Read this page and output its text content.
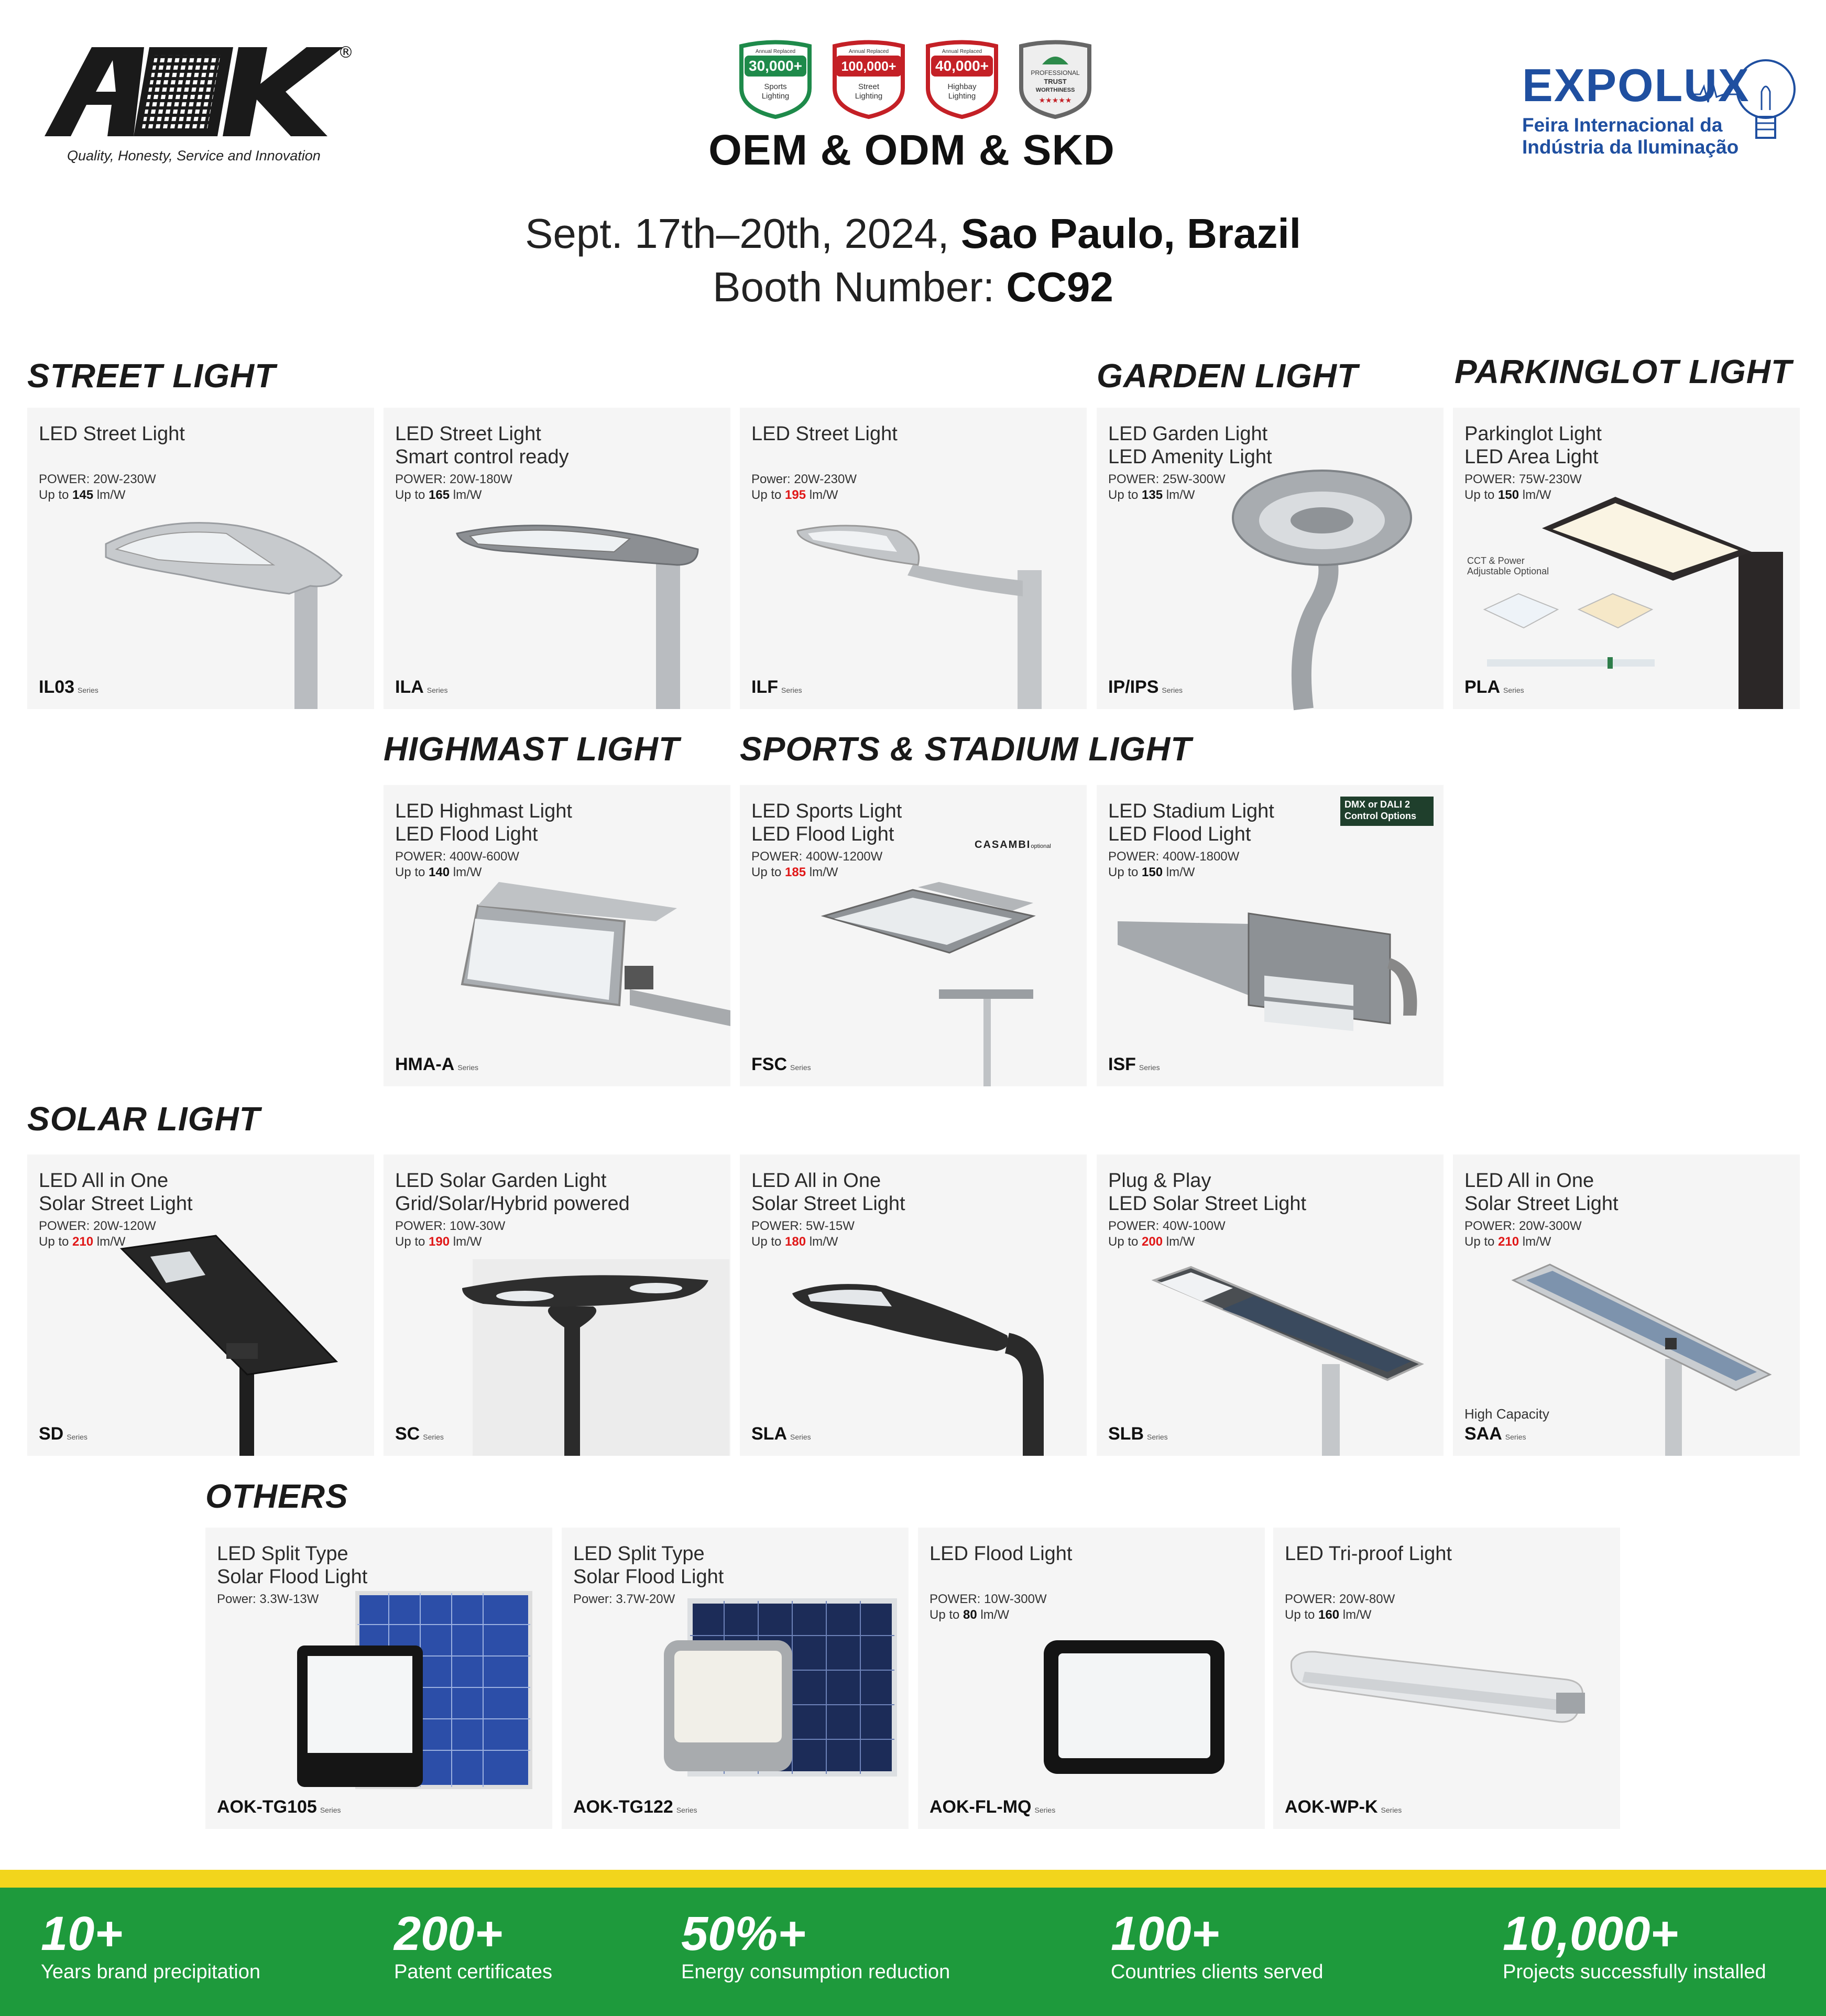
®
Quality, Honesty, Service and Innovation
Annual Replaced
30,000+
Sports
Lighting
Annual Replaced
100,000+
Street
Lighting
Annual Replaced
40,000+
Highbay
Lighting
PROFESSIONAL
TRUST
WORTHINESS
★★★★★
OEM & ODM & SKD
EXPOLUX
Feira Internacional da
Indústria da Iluminação
Sept. 17th–20th, 2024, Sao Paulo, Brazil
Booth Number: CC92
STREET LIGHT	GARDEN LIGHT	PARKINGLOT LIGHT
HIGHMAST LIGHT SPORTS & STADIUM LIGHT
SOLAR LIGHT
OTHERS
LED Street Light
POWER: 20W-230W
Up to 145 lm/W
IL03 Series
LED Street Light
Smart control ready
POWER: 20W-180W
Up to 165 lm/W
ILA Series
LED Street Light
Power: 20W-230W
Up to 195 lm/W
ILF Series
LED Garden Light
LED Amenity Light
POWER: 25W-300W
Up to 135 lm/W
IP/IPS Series
Parkinglot Light
LED Area Light
POWER: 75W-230W
Up to 150 lm/W
CCT & Power
Adjustable Optional
PLA Series
LED Highmast Light
LED Flood Light
POWER: 400W-600W
Up to 140 lm/W
HMA-A Series
LED Sports Light
LED Flood Light
POWER: 400W-1200W
Up to 185 lm/W
CASAMBIoptional
FSC Series
LED Stadium Light
LED Flood Light
POWER: 400W-1800W
Up to 150 lm/W
DMX or DALI 2
Control Options
ISF Series
LED All in One
Solar Street Light
POWER: 20W-120W
Up to 210 lm/W
SD Series
LED Solar Garden Light
Grid/Solar/Hybrid powered
POWER: 10W-30W
Up to 190 lm/W
SC Series
LED All in One
Solar Street Light
POWER: 5W-15W
Up to 180 lm/W
SLA Series
Plug & Play
LED Solar Street Light
POWER: 40W-100W
Up to 200 lm/W
SLB Series
LED All in One
Solar Street Light
POWER: 20W-300W
Up to 210 lm/W
High Capacity
SAA Series
LED Split Type
Solar Flood Light
Power: 3.3W-13W
AOK-TG105 Series
LED Split Type
Solar Flood Light
Power: 3.7W-20W
AOK-TG122 Series
LED Flood Light
POWER: 10W-300W
Up to 80 lm/W
AOK-FL-MQ Series
LED Tri-proof Light
POWER: 20W-80W
Up to 160 lm/W
AOK-WP-K Series
10+
Years brand precipitation
200+
Patent certificates
50%+
Energy consumption reduction
100+
Countries clients served
10,000+
Projects successfully installed
